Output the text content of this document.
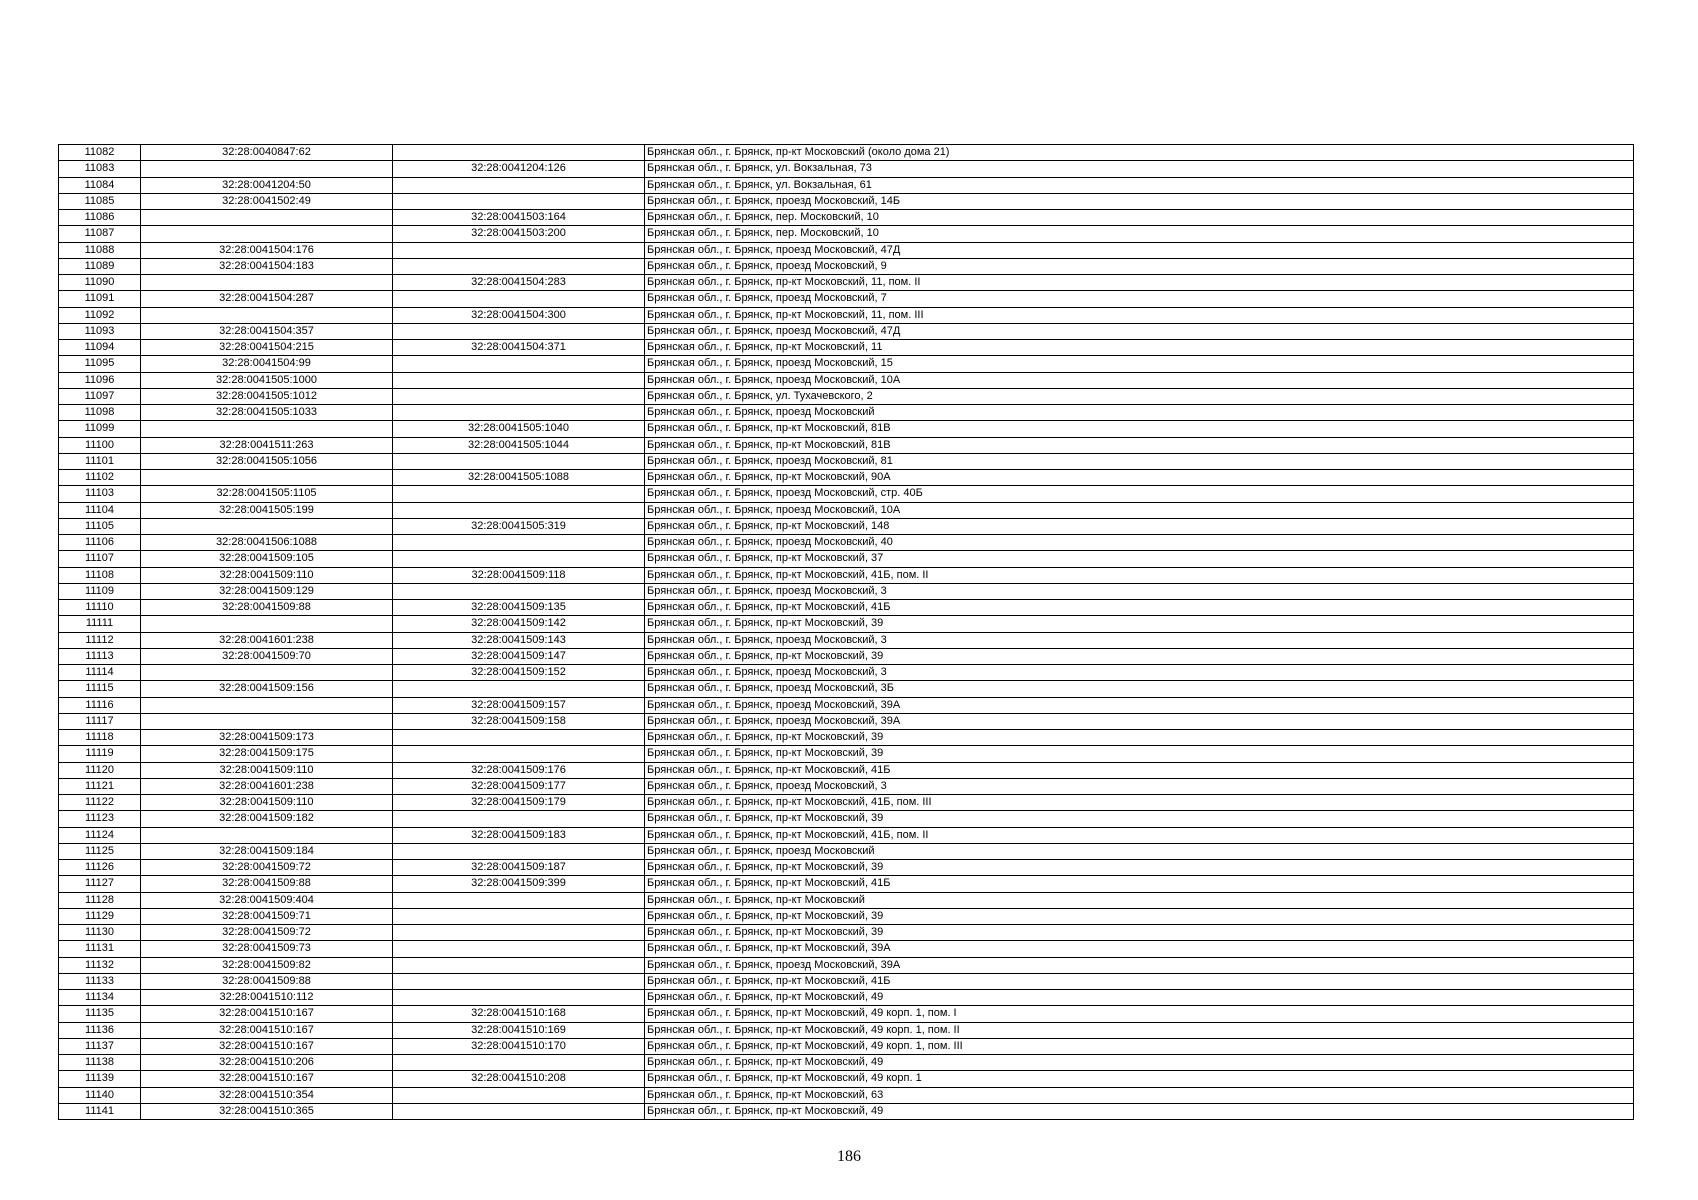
11082	32:28:0040847:62		Брянская обл., г. Брянск, пр-кт Московский (около дома 21)
11083		32:28:0041204:126	Брянская обл., г. Брянск, ул. Вокзальная, 73
11084	32:28:0041204:50		Брянская обл., г. Брянск, ул. Вокзальная, 61
11085	32:28:0041502:49		Брянская обл., г. Брянск, проезд Московский, 14Б
11086		32:28:0041503:164	Брянская обл., г. Брянск, пер. Московский, 10
11087		32:28:0041503:200	Брянская обл., г. Брянск, пер. Московский, 10
11088	32:28:0041504:176		Брянская обл., г. Брянск, проезд Московский, 47Д
11089	32:28:0041504:183		Брянская обл., г. Брянск, проезд Московский, 9
11090		32:28:0041504:283	Брянская обл., г. Брянск, пр-кт Московский, 11, пом. II
11091	32:28:0041504:287		Брянская обл., г. Брянск, проезд Московский, 7
11092		32:28:0041504:300	Брянская обл., г. Брянск, пр-кт Московский, 11, пом. III
11093	32:28:0041504:357		Брянская обл., г. Брянск, проезд Московский, 47Д
11094	32:28:0041504:215	32:28:0041504:371	Брянская обл., г. Брянск, пр-кт Московский, 11
11095	32:28:0041504:99		Брянская обл., г. Брянск, проезд Московский, 15
11096	32:28:0041505:1000		Брянская обл., г. Брянск, проезд Московский, 10А
11097	32:28:0041505:1012		Брянская обл., г. Брянск, ул. Тухачевского, 2
11098	32:28:0041505:1033		Брянская обл., г. Брянск, проезд Московский
11099		32:28:0041505:1040	Брянская обл., г. Брянск, пр-кт Московский, 81В
11100	32:28:0041511:263	32:28:0041505:1044	Брянская обл., г. Брянск, пр-кт Московский, 81В
11101	32:28:0041505:1056		Брянская обл., г. Брянск, проезд Московский, 81
11102		32:28:0041505:1088	Брянская обл., г. Брянск, пр-кт Московский, 90А
11103	32:28:0041505:1105		Брянская обл., г. Брянск, проезд Московский, стр. 40Б
11104	32:28:0041505:199		Брянская обл., г. Брянск, проезд Московский, 10А
11105		32:28:0041505:319	Брянская обл., г. Брянск, пр-кт Московский, 148
11106	32:28:0041506:1088		Брянская обл., г. Брянск, проезд Московский, 40
11107	32:28:0041509:105		Брянская обл., г. Брянск, пр-кт Московский, 37
11108	32:28:0041509:110	32:28:0041509:118	Брянская обл., г. Брянск, пр-кт Московский, 41Б, пом. II
11109	32:28:0041509:129		Брянская обл., г. Брянск, проезд Московский, 3
11110	32:28:0041509:88	32:28:0041509:135	Брянская обл., г. Брянск, пр-кт Московский, 41Б
11111		32:28:0041509:142	Брянская обл., г. Брянск, пр-кт Московский, 39
11112	32:28:0041601:238	32:28:0041509:143	Брянская обл., г. Брянск, проезд Московский, 3
11113	32:28:0041509:70	32:28:0041509:147	Брянская обл., г. Брянск, пр-кт Московский, 39
11114		32:28:0041509:152	Брянская обл., г. Брянск, проезд Московский, 3
11115	32:28:0041509:156		Брянская обл., г. Брянск, проезд Московский, 3Б
11116		32:28:0041509:157	Брянская обл., г. Брянск, проезд Московский, 39А
11117		32:28:0041509:158	Брянская обл., г. Брянск, проезд Московский, 39А
11118	32:28:0041509:173		Брянская обл., г. Брянск, пр-кт Московский, 39
11119	32:28:0041509:175		Брянская обл., г. Брянск, пр-кт Московский, 39
11120	32:28:0041509:110	32:28:0041509:176	Брянская обл., г. Брянск, пр-кт Московский, 41Б
11121	32:28:0041601:238	32:28:0041509:177	Брянская обл., г. Брянск, проезд Московский, 3
11122	32:28:0041509:110	32:28:0041509:179	Брянская обл., г. Брянск, пр-кт Московский, 41Б, пом. III
11123	32:28:0041509:182		Брянская обл., г. Брянск, пр-кт Московский, 39
11124		32:28:0041509:183	Брянская обл., г. Брянск, пр-кт Московский, 41Б, пом. II
11125	32:28:0041509:184		Брянская обл., г. Брянск, проезд Московский
11126	32:28:0041509:72	32:28:0041509:187	Брянская обл., г. Брянск, пр-кт Московский, 39
11127	32:28:0041509:88	32:28:0041509:399	Брянская обл., г. Брянск, пр-кт Московский, 41Б
11128	32:28:0041509:404		Брянская обл., г. Брянск, пр-кт Московский
11129	32:28:0041509:71		Брянская обл., г. Брянск, пр-кт Московский, 39
11130	32:28:0041509:72		Брянская обл., г. Брянск, пр-кт Московский, 39
11131	32:28:0041509:73		Брянская обл., г. Брянск, пр-кт Московский, 39А
11132	32:28:0041509:82		Брянская обл., г. Брянск, проезд Московский, 39А
11133	32:28:0041509:88		Брянская обл., г. Брянск, пр-кт Московский, 41Б
11134	32:28:0041510:112		Брянская обл., г. Брянск, пр-кт Московский, 49
11135	32:28:0041510:167	32:28:0041510:168	Брянская обл., г. Брянск, пр-кт Московский, 49 корп. 1, пом. I
11136	32:28:0041510:167	32:28:0041510:169	Брянская обл., г. Брянск, пр-кт Московский, 49 корп. 1, пом. II
11137	32:28:0041510:167	32:28:0041510:170	Брянская обл., г. Брянск, пр-кт Московский, 49 корп. 1, пом. III
11138	32:28:0041510:206		Брянская обл., г. Брянск, пр-кт Московский, 49
11139	32:28:0041510:167	32:28:0041510:208	Брянская обл., г. Брянск, пр-кт Московский, 49 корп. 1
11140	32:28:0041510:354		Брянская обл., г. Брянск, пр-кт Московский, 63
11141	32:28:0041510:365		Брянская обл., г. Брянск, пр-кт Московский, 49
186
